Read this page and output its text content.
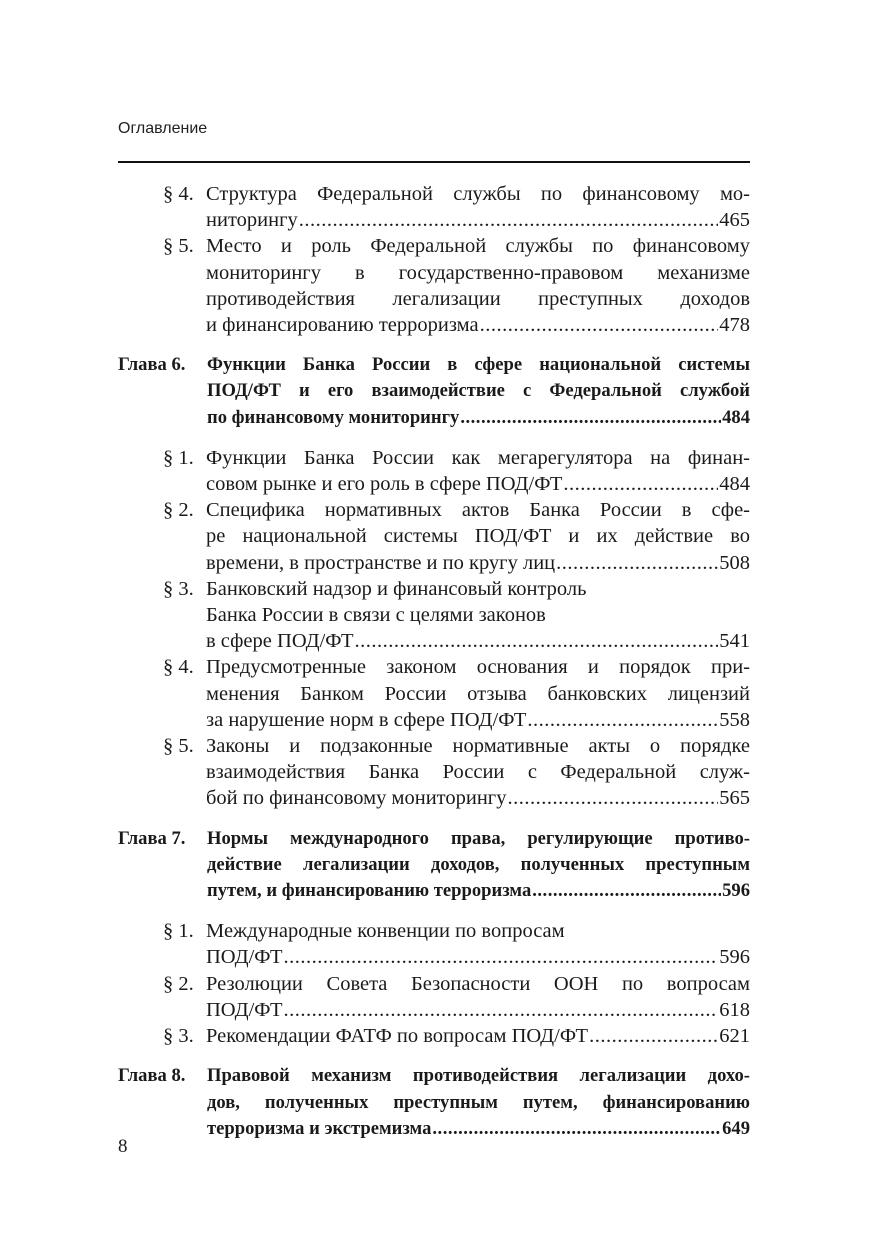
Оглавление
§ 4. Структура Федеральной службы по финансовому мо-
ниторингу .....	465
§ 5. Место и роль Федеральной службы по финансовому
мониторингу в государственно-правовом механизме
противодействия легализации преступных доходов
и финансированию терроризма .....	478
Глава 6. Функции Банка России в сфере национальной системы
ПОД/ФТ и его взаимодействие с Федеральной службой
по финансовому мониторингу .....	484
§ 1. Функции Банка России как мегарегулятора на финан-
совом рынке и его роль в сфере ПОД/ФТ .....	484
§ 2. Специфика нормативных актов Банка России в сфе-
ре национальной системы ПОД/ФТ и их действие во
времени, в пространстве и по кругу лиц .....	508
§ 3. Банковский надзор и финансовый контроль
Банка России в связи с целями законов
в сфере ПОД/ФТ .....	541
§ 4. Предусмотренные законом основания и порядок при-
менения Банком России отзыва банковских лицензий
за нарушение норм в сфере ПОД/ФТ .....	558
§ 5. Законы и подзаконные нормативные акты о порядке
взаимодействия Банка России с Федеральной служ-
бой по финансовому мониторингу .....	565
Глава 7. Нормы международного права, регулирующие противо-
действие легализации доходов, полученных преступным
путем, и финансированию терроризма .....	596
§ 1. Международные конвенции по вопросам
ПОД/ФТ .....	596
§ 2. Резолюции Совета Безопасности ООН по вопросам
ПОД/ФТ .....	618
§ 3. Рекомендации ФАТФ по вопросам ПОД/ФТ .....	621
Глава 8. Правовой механизм противодействия легализации дохо-
дов, полученных преступным путем, финансированию
терроризма и экстремизма .....	649
8
